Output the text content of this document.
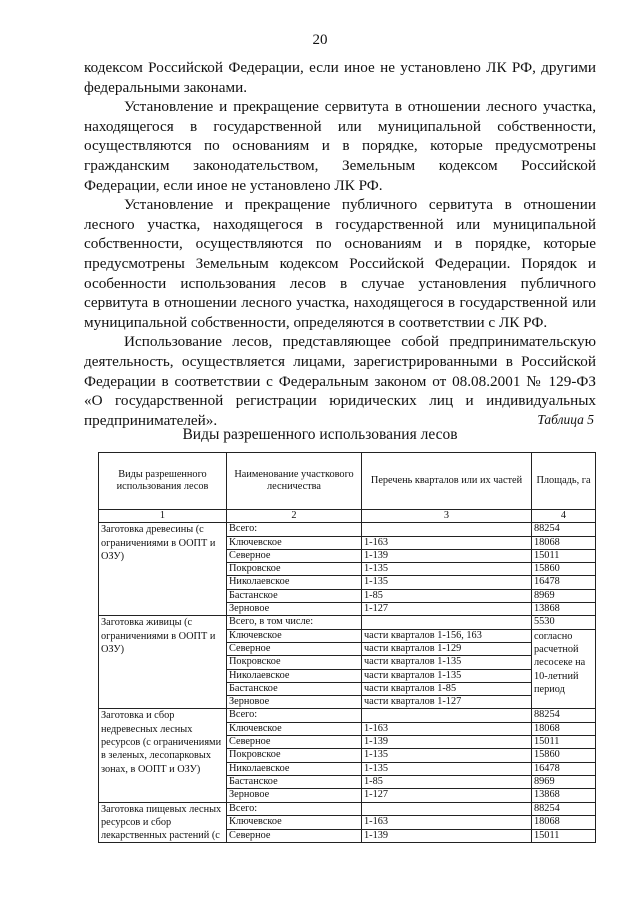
20

кодексом Российской Федерации, если иное не установлено ЛК РФ, другими федеральными законами.

Установление и прекращение сервитута в отношении лесного участка, находящегося в государственной или муниципальной собственности, осуществляются по основаниям и в порядке, которые предусмотрены гражданским законодательством, Земельным кодексом Российской Федерации, если иное не установлено ЛК РФ.

Установление и прекращение публичного сервитута в отношении лесного участка, находящегося в государственной или муниципальной собственности, осуществляются по основаниям и в порядке, которые предусмотрены Земельным кодексом Российской Федерации. Порядок и особенности использования лесов в случае установления публичного сервитута в отношении лесного участка, находящегося в государственной или муниципальной собственности, определяются в соответствии с ЛК РФ.

Использование лесов, представляющее собой предпринимательскую деятельность, осуществляется лицами, зарегистрированными в Российской Федерации в соответствии с Федеральным законом от 08.08.2001 № 129-ФЗ «О государственной регистрации юридических лиц и индивидуальных предпринимателей».	Таблица 5
Виды разрешенного использования лесов
Виды разрешенного использования лесов	Наименование участкового лесничества	Перечень кварталов или их частей	Площадь, га
1	2	3	4
Заготовка древесины (с ограничениями в ООПТ и ОЗУ)	Всего:		88254
	Ключевское	1-163	18068
	Северное	1-139	15011
	Покровское	1-135	15860
	Николаевское	1-135	16478
	Бастанское	1-85	8969
	Зерновое	1-127	13868
Заготовка живицы (с ограничениями в ООПТ и ОЗУ)	Всего, в том числе:		5530
	Ключевское	части кварталов 1-156, 163	согласно расчетной лесосеке на 10-летний период
	Северное	части кварталов 1-129	
	Покровское	части кварталов 1-135	
	Николаевское	части кварталов 1-135	
	Бастанское	части кварталов 1-85	
	Зерновое	части кварталов 1-127	
Заготовка и сбор недревесных лесных ресурсов (с ограничениями в зеленых, лесопарковых зонах, в ООПТ и ОЗУ)	Всего:		88254
	Ключевское	1-163	18068
	Северное	1-139	15011
	Покровское	1-135	15860
	Николаевское	1-135	16478
	Бастанское	1-85	8969
	Зерновое	1-127	13868
Заготовка пищевых лесных ресурсов и сбор лекарственных растений (с	Всего:		88254
	Ключевское	1-163	18068
	Северное	1-139	15011
